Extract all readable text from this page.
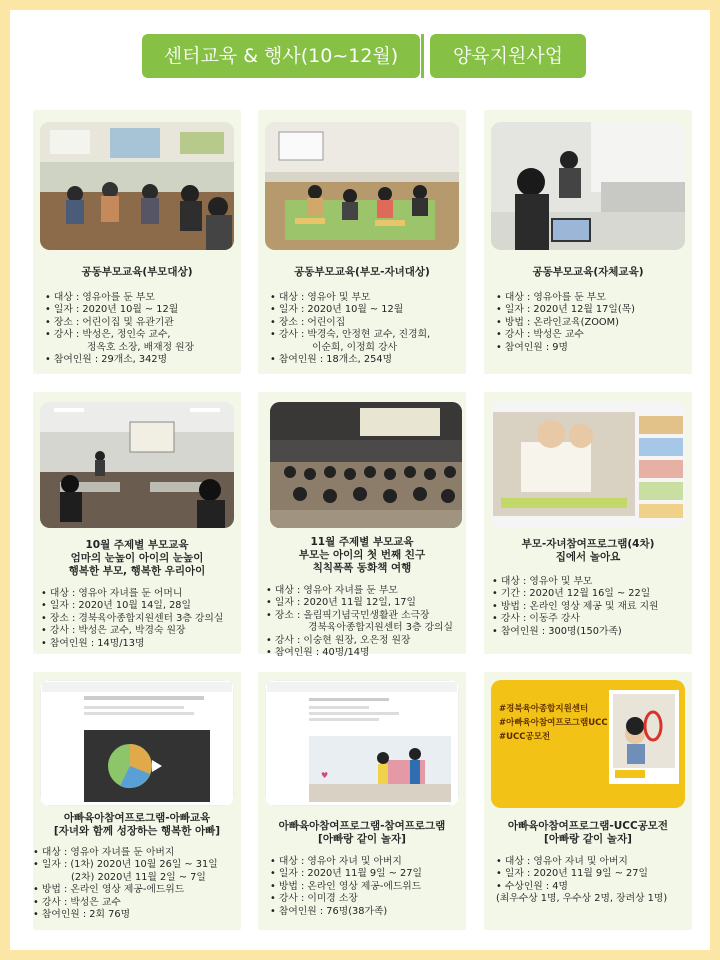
센터교육 & 행사(10~12월)	양육지원사업
공동부모교육(부모대상)
• 대상 : 영유아를 둔 부모
• 일자 : 2020년 10월 ~ 12월
• 장소 : 어린이집 및 유관기관
• 강사 : 박성은, 정인숙 교수,
정옥호 소장, 배재정 원장
• 참여인원 : 29개소, 342명
공동부모교육(부모-자녀대상)
• 대상 : 영유아 및 부모
• 일자 : 2020년 10월 ~ 12월
• 장소 : 어린이집
• 강사 : 박경숙, 안정현 교수, 진경희,
이순희, 이정희 강사
• 참여인원 : 18개소, 254명
공동부모교육(자체교육)
• 대상 : 영유아를 둔 부모
• 일자 : 2020년 12월 17일(목)
• 방법 : 온라인교육(ZOOM)
• 강사 : 박성은 교수
• 참여인원 : 9명
10월 주제별 부모교육
엄마의 눈높이 아이의 눈높이
행복한 부모, 행복한 우리아이
• 대상 : 영유아 자녀를 둔 어머니
• 일자 : 2020년 10월 14일, 28일
• 장소 : 경북육아종합지원센터 3층 강의실
• 강사 : 박성은 교수, 박경숙 원장
• 참여인원 : 14명/13명
11월 주제별 부모교육
부모는 아이의 첫 번째 친구
칙칙폭폭 동화책 여행
• 대상 : 영유아 자녀를 둔 부모
• 일자 : 2020년 11월 12일, 17일
• 장소 : 올림픽기념국민생활관 소극장
경북육아종합지원센터 3층 강의실
• 강사 : 이숭현 원장, 오은정 원장
• 참여인원 : 40명/14명
부모-자녀참여프로그램(4차)
집에서 놀아요
• 대상 : 영유아 및 부모
• 기간 : 2020년 12월 16일 ~ 22일
• 방법 : 온라인 영상 제공 및 재료 지원
• 강사 : 이동주 강사
• 참여인원 : 300명(150가족)
아빠육아참여프로그램-아빠교육
[자녀와 함께 성장하는 행복한 아빠]
• 대상 : 영유아 자녀를 둔 아버지
• 일자 : (1차) 2020년 10월 26일 ~ 31일
(2차) 2020년 11월 2일 ~ 7일
• 방법 : 온라인 영상 제공-에드위드
• 강사 : 박성은 교수
• 참여인원 : 2회 76명
♥
아빠육아참여프로그램-참여프로그램
[아빠랑 같이 놀자]
• 대상 : 영유아 자녀 및 아버지
• 일자 : 2020년 11월 9일 ~ 27일
• 방법 : 온라인 영상 제공-에드위드
• 강사 : 이미경 소장
• 참여인원 : 76명(38가족)
#경북육아종합지원센터
#아빠육아참여프로그램UCC
#UCC공모전
아빠육아참여프로그램-UCC공모전
[아빠랑 같이 놀자]
• 대상 : 영유아 자녀 및 아버지
• 일자 : 2020년 11월 9일 ~ 27일
• 수상인원 : 4명
(최우수상 1명, 우수상 2명, 장려상 1명)
